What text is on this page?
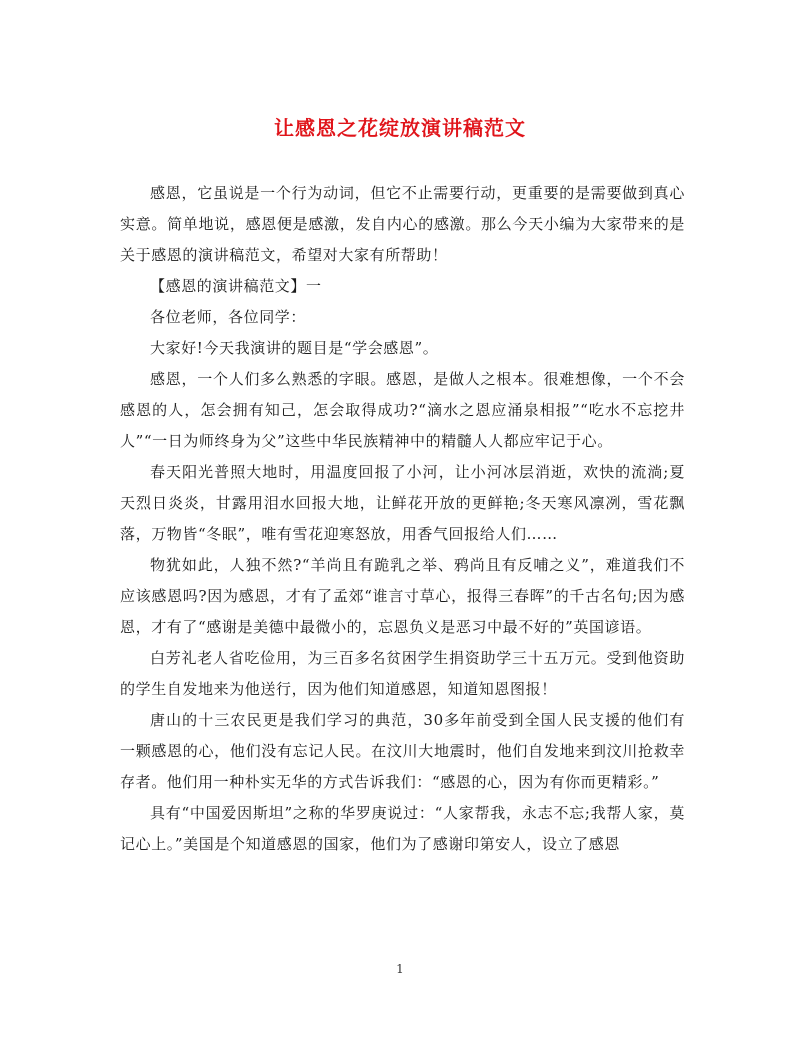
让感恩之花绽放演讲稿范文

感恩，它虽说是一个行为动词，但它不止需要行动，更重要的是需要做到真心实意。简单地说，感恩便是感激，发自内心的感激。那么今天小编为大家带来的是关于感恩的演讲稿范文，希望对大家有所帮助！

【感恩的演讲稿范文】一

各位老师，各位同学：

大家好!今天我演讲的题目是“学会感恩”。

感恩，一个人们多么熟悉的字眼。感恩，是做人之根本。很难想像，一个不会感恩的人，怎会拥有知己，怎会取得成功?“滴水之恩应涌泉相报”“吃水不忘挖井人”“一日为师终身为父”这些中华民族精神中的精髓人人都应牢记于心。

春天阳光普照大地时，用温度回报了小河，让小河冰层消逝，欢快的流淌;夏天烈日炎炎，甘露用泪水回报大地，让鲜花开放的更鲜艳;冬天寒风凛冽，雪花飘落，万物皆“冬眠”，唯有雪花迎寒怒放，用香气回报给人们……

物犹如此，人独不然?“羊尚且有跪乳之举、鸦尚且有反哺之义”，难道我们不应该感恩吗?因为感恩，才有了孟郊“谁言寸草心，报得三春晖”的千古名句;因为感恩，才有了“感谢是美德中最微小的，忘恩负义是恶习中最不好的”英国谚语。

白芳礼老人省吃俭用，为三百多名贫困学生捐资助学三十五万元。受到他资助的学生自发地来为他送行，因为他们知道感恩，知道知恩图报！

唐山的十三农民更是我们学习的典范，30多年前受到全国人民支援的他们有一颗感恩的心，他们没有忘记人民。在汶川大地震时，他们自发地来到汶川抢救幸存者。他们用一种朴实无华的方式告诉我们：“感恩的心，因为有你而更精彩。”

具有“中国爱因斯坦”之称的华罗庚说过：“人家帮我，永志不忘;我帮人家，莫记心上。”美国是个知道感恩的国家，他们为了感谢印第安人，设立了感恩

1
